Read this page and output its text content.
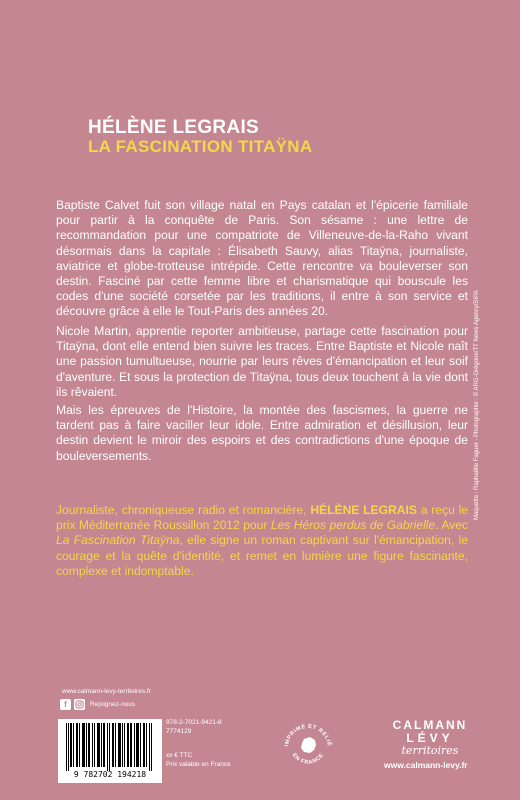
HÉLÈNE LEGRAIS
LA FASCINATION TITAŸNA

Baptiste Calvet fuit son village natal en Pays catalan et l'épicerie familiale pour partir à la conquête de Paris. Son sésame : une lettre de recommandation pour une compatriote de Villeneuve-de-la-Raho vivant désormais dans la capitale : Élisabeth Sauvy, alias Titaÿna, journaliste, aviatrice et globe-trotteuse intrépide. Cette rencontre va bouleverser son destin. Fasciné par cette femme libre et charismatique qui bouscule les codes d'une société corsetée par les traditions, il entre à son service et découvre grâce à elle le Tout-Paris des années 20.

Nicole Martin, apprentie reporter ambitieuse, partage cette fascination pour Titaÿna, dont elle entend bien suivre les traces. Entre Baptiste et Nicole naît une passion tumultueuse, nourrie par leurs rêves d'émancipation et leur soif d'aventure. Et sous la protection de Titaÿna, tous deux touchent à la vie dont ils rêvaient.

Mais les épreuves de l'Histoire, la montée des fascismes, la guerre ne tardent pas à faire vaciller leur idole. Entre admiration et désillusion, leur destin devient le miroir des espoirs et des contradictions d'une époque de bouleversements.

Journaliste, chroniqueuse radio et romancière, HÉLÈNE LEGRAIS a reçu le prix Méditerranée Roussillon 2012 pour Les Héros perdus de Gabrielle. Avec La Fascination Titaÿna, elle signe un roman captivant sur l'émancipation, le courage et la quête d'identité, et remet en lumière une figure fascinante, complexe et indomptable.

Maquette : Raphaëlle Faguer - Photographie : © ARG-Grégoire/TT News Agency/SIPA
www.calmann-levy-territoires.fr
f	Rejoignez-nous
9 782702 194218
978-2-7021-9421-8
7774129
xx € TTC
Prix valable en France
IMPRIMÉ ET RELIÉ
EN FRANCE
CALMANN
LÉVY
territoires
www.calmann-levy.fr
